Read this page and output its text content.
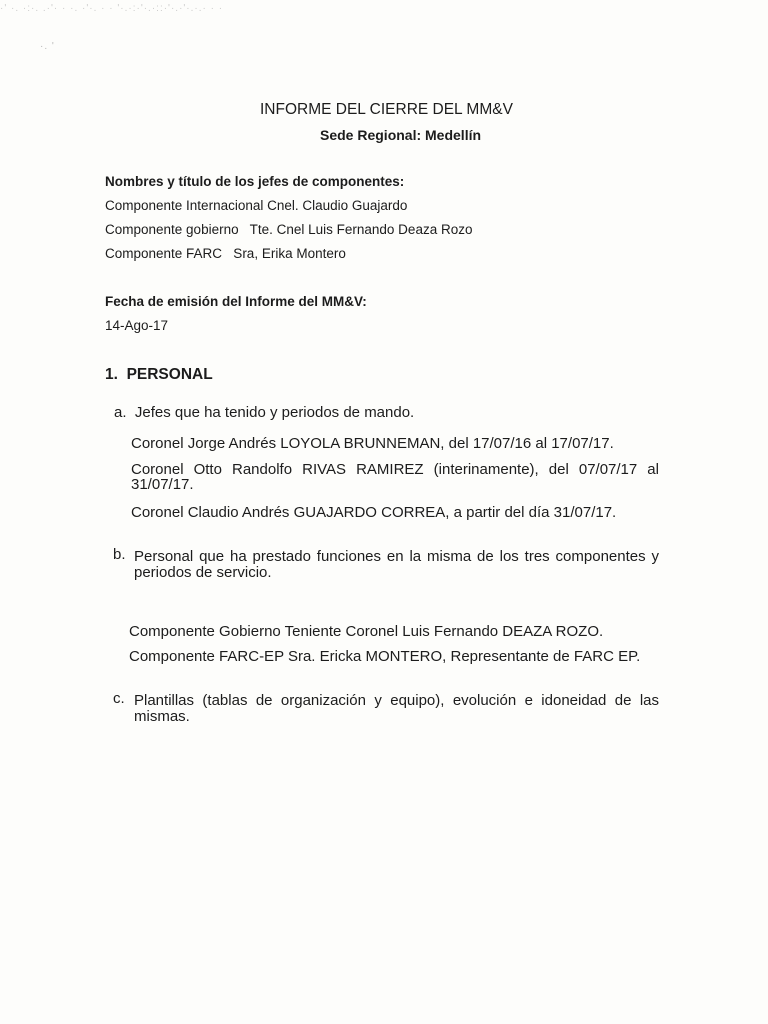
·' ·. ·:·. .·'· · ·. ·'·. · · '·.·:·'·.·::·'·.·'·.·.· · ·
·. '
INFORME DEL CIERRE DEL MM&V
Sede Regional: Medellín
Nombres y título de los jefes de componentes:
Componente Internacional Cnel. Claudio Guajardo
Componente gobierno   Tte. Cnel Luis Fernando Deaza Rozo
Componente FARC   Sra, Erika Montero
Fecha de emisión del Informe del MM&V:
14-Ago-17
1. PERSONAL
a. Jefes que ha tenido y periodos de mando.
Coronel Jorge Andrés LOYOLA BRUNNEMAN, del 17/07/16 al 17/07/17.
Coronel Otto Randolfo RIVAS RAMIREZ (interinamente), del 07/07/17 al
31/07/17.
Coronel Claudio Andrés GUAJARDO CORREA, a partir del día 31/07/17.
b. Personal que ha prestado funciones en la misma de los tres componentes y
periodos de servicio.
Componente Gobierno Teniente Coronel Luis Fernando DEAZA ROZO.
Componente FARC-EP Sra. Ericka MONTERO, Representante de FARC EP.
c. Plantillas (tablas de organización y equipo), evolución e idoneidad de las
mismas.
